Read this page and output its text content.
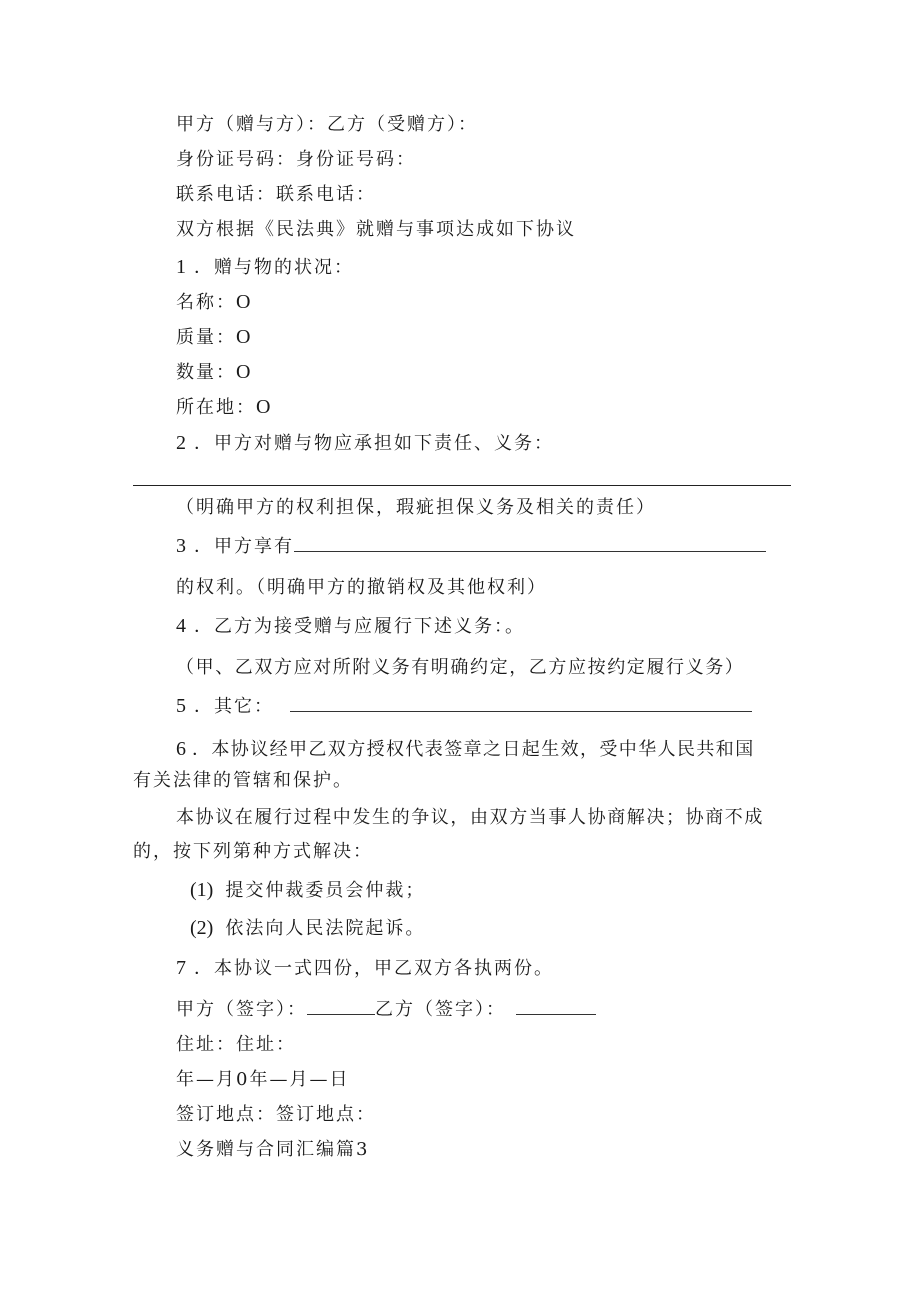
甲方（赠与方）：乙方（受赠方）：
身份证号码：身份证号码：
联系电话：联系电话：
双方根据《民法典》就赠与事项达成如下协议
1 ．赠与物的状况：
名称：O
质量：O
数量：O
所在地：O
2 ．甲方对赠与物应承担如下责任、义务：
（明确甲方的权利担保，瑕疵担保义务及相关的责任）
3 ．甲方享有
的权利。（明确甲方的撤销权及其他权利）
4 ．乙方为接受赠与应履行下述义务：。
（甲、乙双方应对所附义务有明确约定，乙方应按约定履行义务）
5 ．其它：
6 ．本协议经甲乙双方授权代表签章之日起生效，受中华人民共和国
有关法律的管辖和保护。
本协议在履行过程中发生的争议，由双方当事人协商解决；协商不成
的，按下列第种方式解决：
(1) 提交仲裁委员会仲裁；
(2) 依法向人民法院起诉。
7 ．本协议一式四份，甲乙双方各执两份。
甲方（签字）：	乙方（签字）：
住址：住址：
年—月0年—月—日
签订地点：签订地点：
义务赠与合同汇编篇3
